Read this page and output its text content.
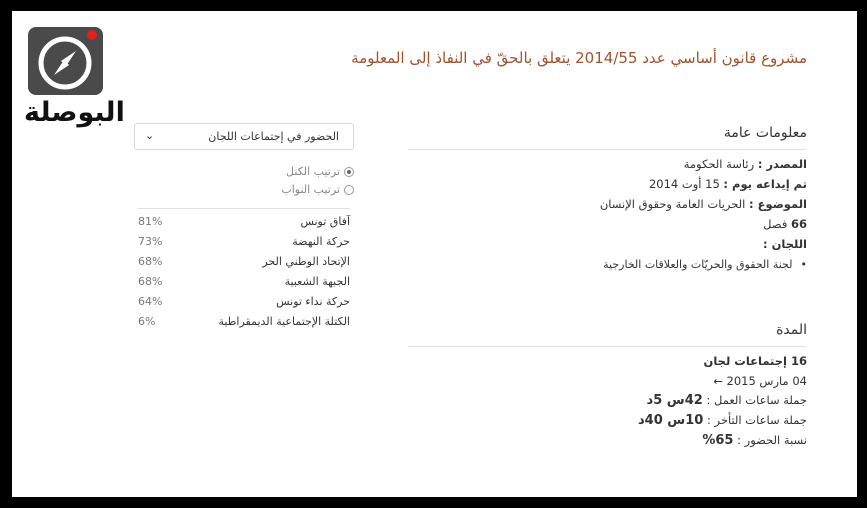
البوصلة
مشروع قانون أساسي عدد 2014/55 يتعلق بالحقّ في النفاذ إلى المعلومة
معلومات عامة
المصدر : رئاسة الحكومة
تم إيداعه يوم : 15 أوت 2014
الموضوع : الحريات العامة وحقوق الإنسان
66 فصل
اللجان :
• لجنة الحقوق والحريّات والعلاقات الخارجية
المدة
16 إجتماعات لجان
04 مارس 2015 ←
جملة ساعات العمل : 42س 5د
جملة ساعات التأخر : 10س 40د
نسبة الحضور : 65%
الحضور في إجتماعات اللجان
⌄
ترتيب الكتل
ترتيب النواب
آفاق تونس
81%
حركة النهضة
73%
الإتحاد الوطني الحر
68%
الجبهة الشعبية
68%
حركة نداء تونس
64%
الكتلة الإجتماعية الديمقراطية
6%
